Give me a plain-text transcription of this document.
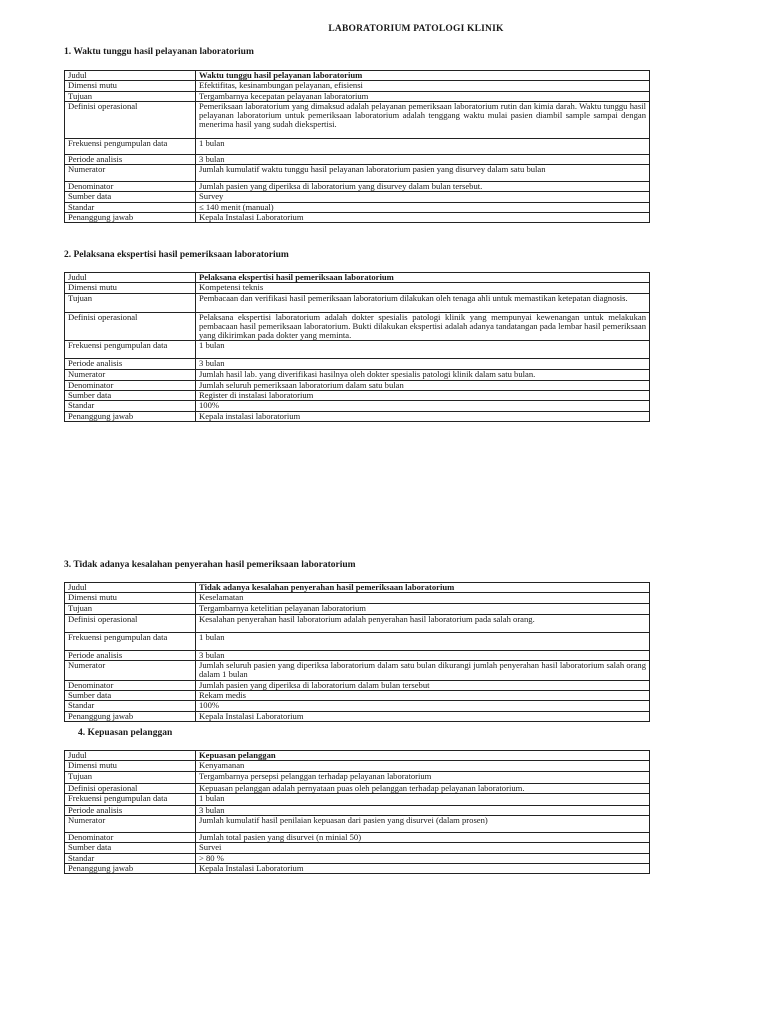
LABORATORIUM PATOLOGI KLINIK
1. Waktu tunggu hasil pelayanan laboratorium
Judul	Waktu tunggu hasil pelayanan laboratorium
Dimensi mutu	Efektifitas, kesinambungan pelayanan, efisiensi
Tujuan	Tergambarnya kecepatan pelayanan laboratorium
Definisi operasional	Pemeriksaan laboratorium yang dimaksud adalah pelayanan pemeriksaan laboratorium rutin dan kimia darah. Waktu tunggu hasil pelayanan laboratorium untuk pemeriksaan laboratorium adalah tenggang waktu mulai pasien diambil sample sampai dengan menerima hasil yang sudah diekspertisi.
Frekuensi pengumpulan data	1 bulan
Periode analisis	3 bulan
Numerator	Jumlah kumulatif waktu tunggu hasil pelayanan laboratorium pasien yang disurvey dalam satu bulan
Denominator	Jumlah pasien yang diperiksa di laboratorium yang disurvey dalam bulan tersebut.
Sumber data	Survey
Standar	≤ 140 menit (manual)
Penanggung jawab	Kepala Instalasi Laboratorium
2. Pelaksana ekspertisi hasil pemeriksaan laboratorium
Judul	Pelaksana ekspertisi hasil pemeriksaan laboratorium
Dimensi mutu	Kompetensi teknis
Tujuan	Pembacaan dan verifikasi hasil pemeriksaan laboratorium dilakukan oleh tenaga ahli untuk memastikan ketepatan diagnosis.
Definisi operasional	Pelaksana ekspertisi laboratorium adalah dokter spesialis patologi klinik yang mempunyai kewenangan untuk melakukan pembacaan hasil pemeriksaan laboratorium. Bukti dilakukan ekspertisi adalah adanya tandatangan pada lembar hasil pemeriksaan yang dikirimkan pada dokter yang meminta.
Frekuensi pengumpulan data	1 bulan
Periode analisis	3 bulan
Numerator	Jumlah hasil lab. yang diverifikasi hasilnya oleh dokter spesialis patologi klinik dalam satu bulan.
Denominator	Jumlah seluruh pemeriksaan laboratorium dalam satu bulan
Sumber data	Register di instalasi laboratorium
Standar	100%
Penanggung jawab	Kepala instalasi laboratorium
3. Tidak adanya kesalahan penyerahan hasil pemeriksaan laboratorium
Judul	Tidak adanya kesalahan penyerahan hasil pemeriksaan laboratorium
Dimensi mutu	Keselamatan
Tujuan	Tergambarnya ketelitian pelayanan laboratorium
Definisi operasional	Kesalahan penyerahan hasil laboratorium adalah penyerahan hasil laboratorium pada salah orang.
Frekuensi pengumpulan data	1 bulan
Periode analisis	3 bulan
Numerator	Jumlah seluruh pasien yang diperiksa laboratorium dalam satu bulan dikurangi jumlah penyerahan hasil laboratorium salah orang dalam 1 bulan
Denominator	Jumlah pasien yang diperiksa di laboratorium dalam bulan tersebut
Sumber data	Rekam medis
Standar	100%
Penanggung jawab	Kepala Instalasi Laboratorium
4. Kepuasan pelanggan
Judul	Kepuasan pelanggan
Dimensi mutu	Kenyamanan
Tujuan	Tergambarnya persepsi pelanggan terhadap pelayanan laboratorium
Definisi operasional	Kepuasan pelanggan adalah pernyataan puas oleh pelanggan terhadap pelayanan laboratorium.
Frekuensi pengumpulan data	1 bulan
Periode analisis	3 bulan
Numerator	Jumlah kumulatif hasil penilaian kepuasan dari pasien yang disurvei (dalam prosen)
Denominator	Jumlah total pasien yang disurvei (n minial 50)
Sumber data	Survei
Standar	> 80 %
Penanggung jawab	Kepala Instalasi Laboratorium
